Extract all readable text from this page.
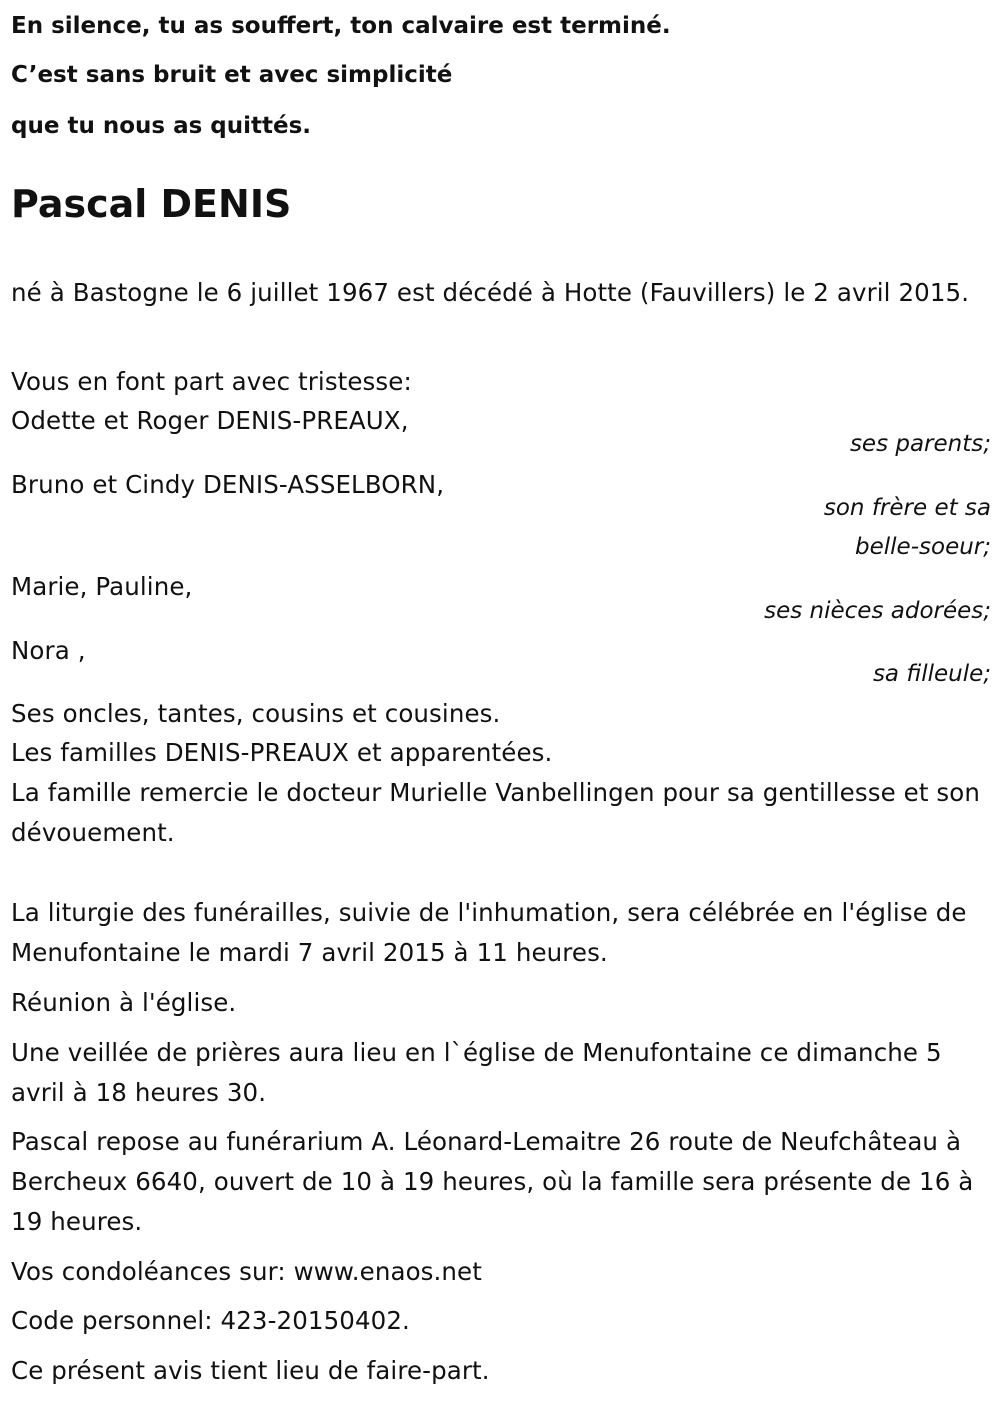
En silence, tu as souffert, ton calvaire est terminé.

C’est sans bruit et avec simplicité

que tu nous as quittés.

Pascal DENIS

né à Bastogne le 6 juillet 1967 est décédé à Hotte (Fauvillers) le 2 avril 2015.

Vous en font part avec tristesse:

Odette et Roger DENIS-PREAUX,

ses parents;

Bruno et Cindy DENIS-ASSELBORN,

son frère et sa

belle-soeur;

Marie, Pauline,

ses nièces adorées;

Nora ,

sa filleule;

Ses oncles, tantes, cousins et cousines.

Les familles DENIS-PREAUX et apparentées.

La famille remercie le docteur Murielle Vanbellingen pour sa gentillesse et son dévouement.

La liturgie des funérailles, suivie de l'inhumation, sera célébrée en l'église de Menufontaine le mardi 7 avril 2015 à 11 heures.

Réunion à l'église.

Une veillée de prières aura lieu en l`église de Menufontaine ce dimanche 5 avril à 18 heures 30.

Pascal repose au funérarium A. Léonard-Lemaitre 26 route de Neufchâteau à Bercheux 6640, ouvert de 10 à 19 heures, où la famille sera présente de 16 à 19 heures.

Vos condoléances sur: www.enaos.net

Code personnel: 423-20150402.

Ce présent avis tient lieu de faire-part.
